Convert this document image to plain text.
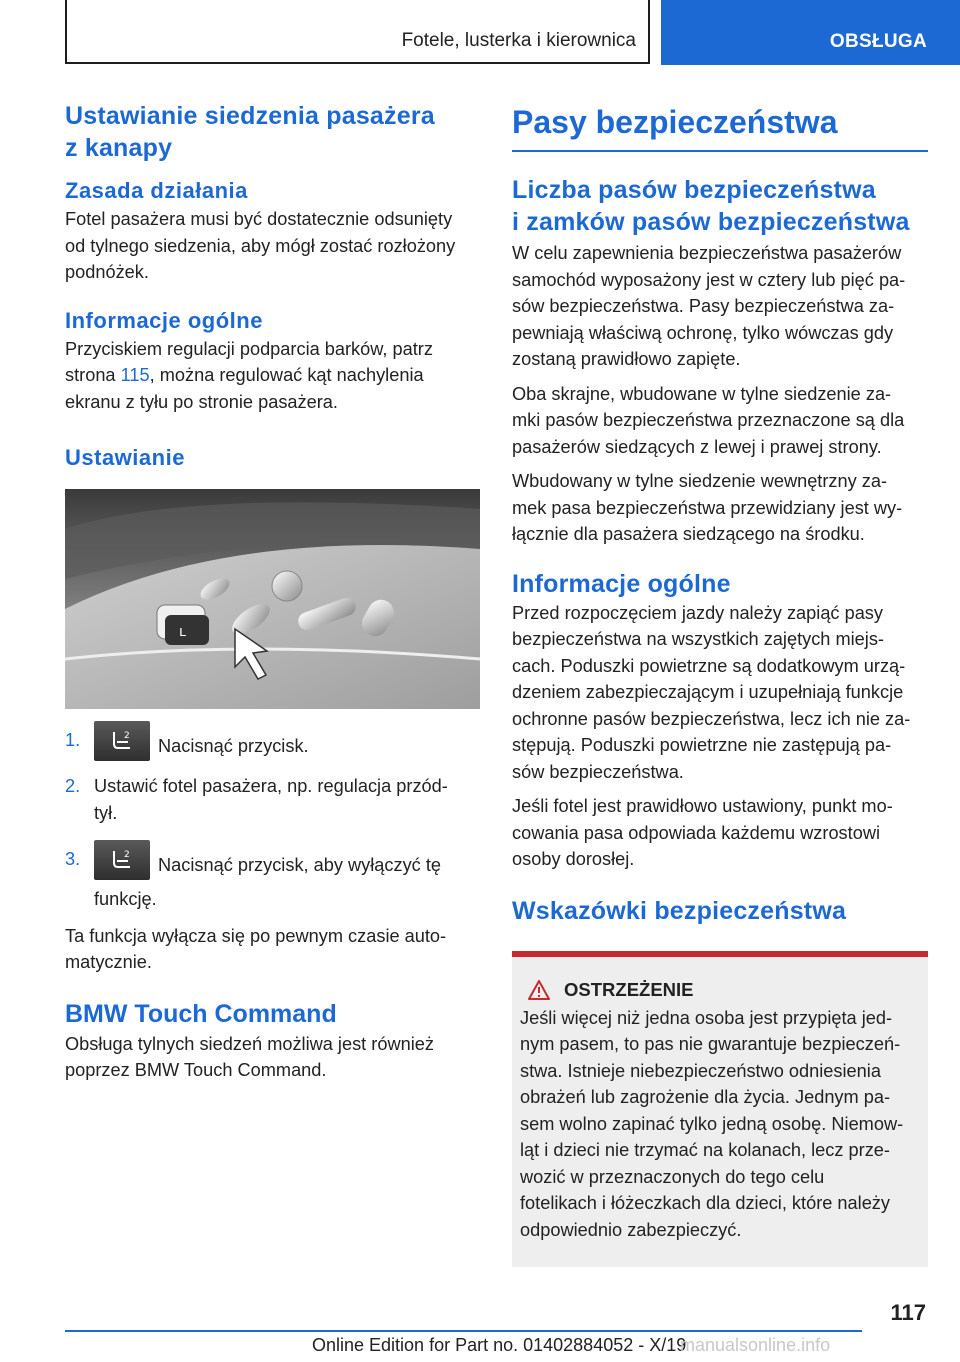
Fotele, lusterka i kierownica	OBSŁUGA
Ustawianie siedzenia pasażera
z kanapy
Zasada działania

Fotel pasażera musi być dostatecznie odsunięty
od tylnego siedzenia, aby mógł zostać rozłożony
podnóżek.

Informacje ogólne

Przyciskiem regulacji podparcia barków, patrz
strona 115, można regulować kąt nachylenia
ekranu z tyłu po stronie pasażera.

Ustawianie
ʟ
1.	2 Nacisnąć przycisk.
2. Ustawić fotel pasażera, np. regulacja przód-
tył.
3.	2 Nacisnąć przycisk, aby wyłączyć tę
funkcję.

Ta funkcja wyłącza się po pewnym czasie auto-
matycznie.

BMW Touch Command

Obsługa tylnych siedzeń możliwa jest również
poprzez BMW Touch Command.

Pasy bezpieczeństwa
Liczba pasów bezpieczeństwa
i zamków pasów bezpieczeństwa

W celu zapewnienia bezpieczeństwa pasażerów
samochód wyposażony jest w cztery lub pięć pa-
sów bezpieczeństwa. Pasy bezpieczeństwa za-
pewniają właściwą ochronę, tylko wówczas gdy
zostaną prawidłowo zapięte.

Oba skrajne, wbudowane w tylne siedzenie za-
mki pasów bezpieczeństwa przeznaczone są dla
pasażerów siedzących z lewej i prawej strony.

Wbudowany w tylne siedzenie wewnętrzny za-
mek pasa bezpieczeństwa przewidziany jest wy-
łącznie dla pasażera siedzącego na środku.

Informacje ogólne

Przed rozpoczęciem jazdy należy zapiąć pasy
bezpieczeństwa na wszystkich zajętych miejs-
cach. Poduszki powietrzne są dodatkowym urzą-
dzeniem zabezpieczającym i uzupełniają funkcje
ochronne pasów bezpieczeństwa, lecz ich nie za-
stępują. Poduszki powietrzne nie zastępują pa-
sów bezpieczeństwa.

Jeśli fotel jest prawidłowo ustawiony, punkt mo-
cowania pasa odpowiada każdemu wzrostowi
osoby dorosłej.

Wskazówki bezpieczeństwa
OSTRZEŻENIE

Jeśli więcej niż jedna osoba jest przypięta jed-
nym pasem, to pas nie gwarantuje bezpieczeń-
stwa. Istnieje niebezpieczeństwo odniesienia
obrażeń lub zagrożenie dla życia. Jednym pa-
sem wolno zapinać tylko jedną osobę. Niemow-
ląt i dzieci nie trzymać na kolanach, lecz prze-
wozić w przeznaczonych do tego celu
fotelikach i łóżeczkach dla dzieci, które należy
odpowiednio zabezpieczyć.

117
Online Edition for Part no. 01402884052 - X/19
manualsonline.info
